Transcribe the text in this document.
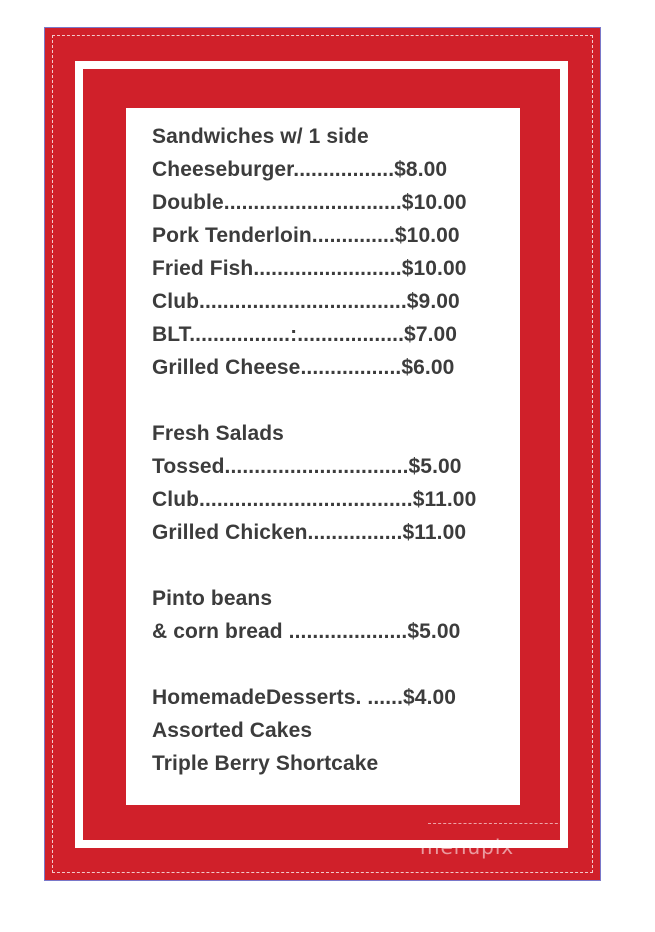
Sandwiches w/ 1 side
Cheeseburger.................$8.00
Double..............................$10.00
Pork Tenderloin..............$10.00
Fried Fish.........................$10.00
Club...................................$9.00
BLT.................:..................$7.00
Grilled Cheese.................$6.00
Fresh Salads
Tossed...............................$5.00
Club....................................$11.00
Grilled Chicken................$11.00
Pinto beans
& corn bread ....................$5.00
HomemadeDesserts. ......$4.00
Assorted Cakes
Triple Berry Shortcake
menupix
